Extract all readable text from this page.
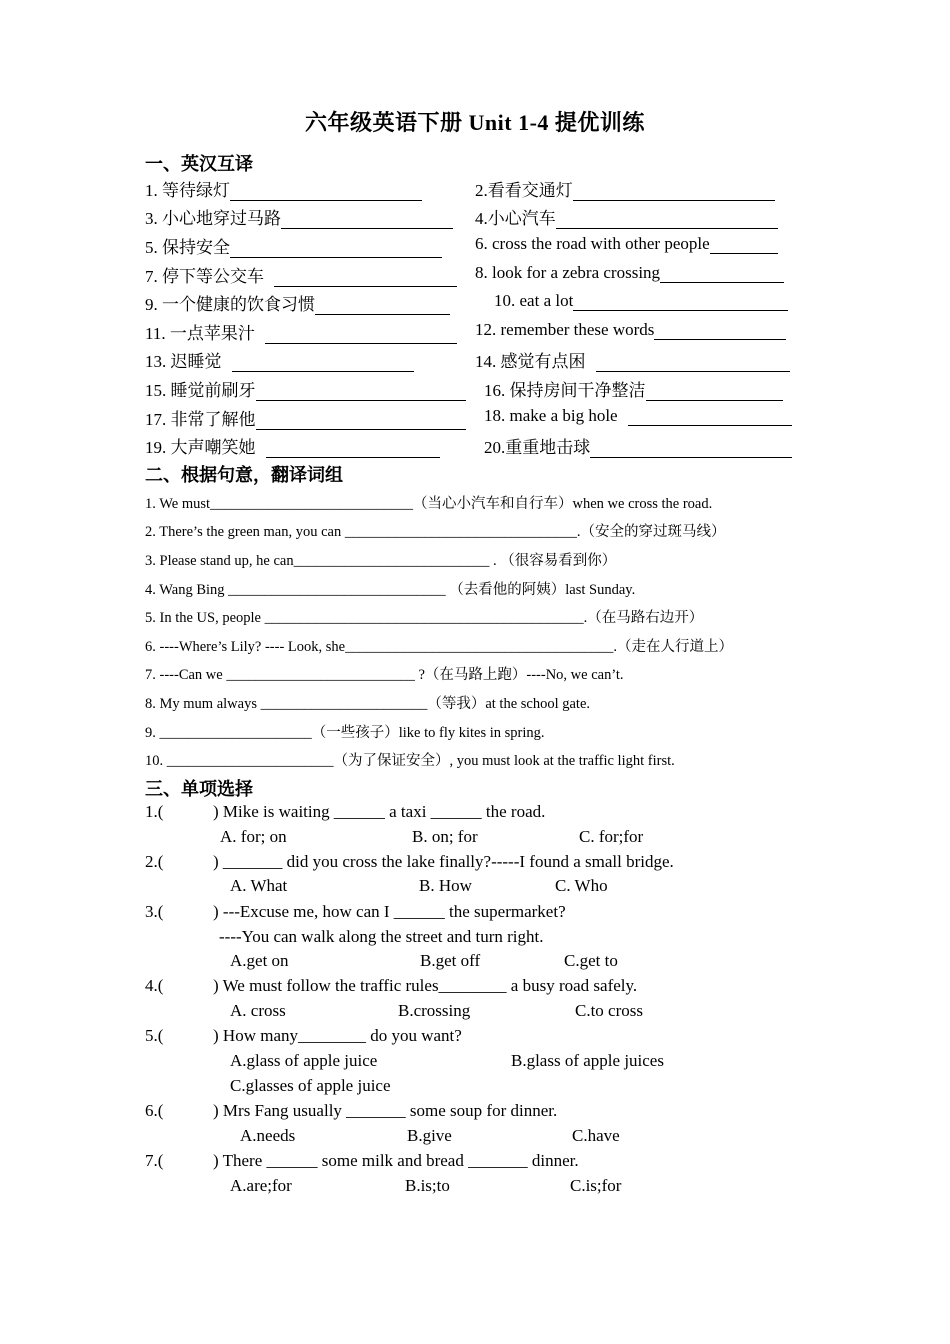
六年级英语下册 Unit 1-4 提优训练
一、英汉互译
1. 等待绿灯	2.看看交通灯
3. 小心地穿过马路	4.小心汽车
5. 保持安全	6. cross the road with other people
7. 停下等公交车	8. look for a zebra crossing
9. 一个健康的饮食习惯	10. eat a lot
11. 一点苹果汁	12. remember these words
13. 迟睡觉	14. 感觉有点困
15. 睡觉前刷牙	16. 保持房间干净整洁
17. 非常了解他	18. make a big hole
19. 大声嘲笑她	20.重重地击球
二、根据句意，翻译词组
1. We must____________________________（当心小汽车和自行车）when we cross the road.
2. There’s the green man, you can ________________________________.（安全的穿过斑马线）
3. Please stand up, he can___________________________ . （很容易看到你）
4. Wang Bing ______________________________ （去看他的阿姨）last Sunday.
5. In the US, people ____________________________________________.（在马路右边开）
6. ----Where’s Lily? ---- Look, she_____________________________________.（走在人行道上）
7. ----Can we __________________________ ?（在马路上跑）----No, we can’t.
8. My mum always _______________________（等我）at the school gate.
9. _____________________（一些孩子）like to fly kites in spring.
10. _______________________（为了保证安全）, you must look at the traffic light first.
三、单项选择
1.(	) Mike is waiting ______ a taxi ______ the road.
A. for; on	B. on; for	C. for;for
2.(	) _______ did you cross the lake finally?-----I found a small bridge.
A. What	B. How	C. Who
3.(	) ---Excuse me, how can I ______ the supermarket?
----You can walk along the street and turn right.
A.get on	B.get off	C.get to
4.(	) We must follow the traffic rules________ a busy road safely.
A. cross	B.crossing	C.to cross
5.(	) How many________ do you want?
A.glass of apple juice	B.glass of apple juices
C.glasses of apple juice
6.(	) Mrs Fang usually _______ some soup for dinner.
A.needs	B.give	C.have
7.(	) There ______ some milk and bread _______ dinner.
A.are;for	B.is;to	C.is;for
